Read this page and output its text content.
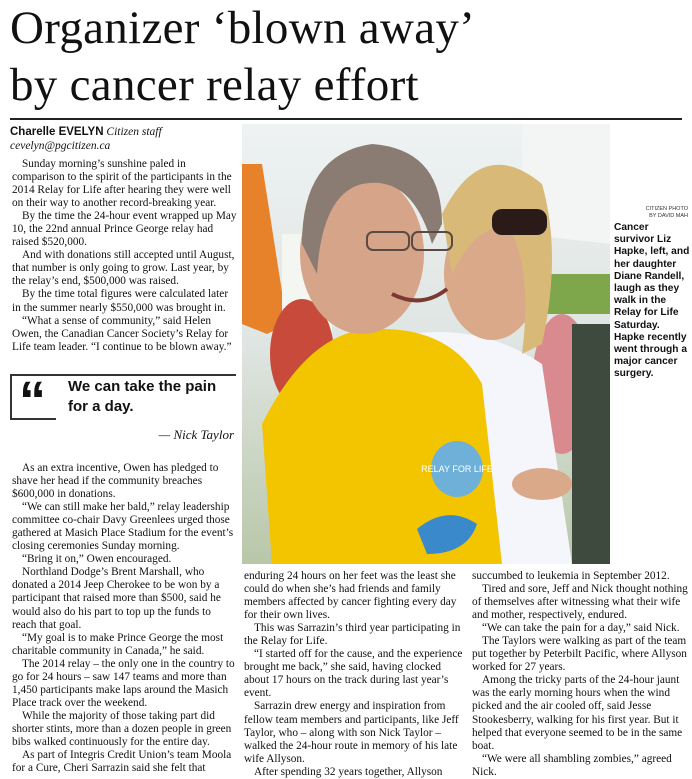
Organizer ‘blown away’
by cancer relay effort
Charelle EVELYN Citizen staff
cevelyn@pgcitizen.ca

Sunday morning’s sunshine paled in comparison to the spirit of the participants in the 2014 Relay for Life after hearing they were well on their way to another record-breaking year.

By the time the 24-hour event wrapped up May 10, the 22nd annual Prince George relay had raised $520,000.

And with donations still accepted until August, that number is only going to grow. Last year, by the relay’s end, $500,000 was raised.

By the time total figures were calculated later in the summer nearly $550,000 was brought in.

“What a sense of community,” said Helen Owen, the Canadian Cancer Society’s Relay for Life team leader. “I continue to be blown away.”

“ We can take the pain for a day.
— Nick Taylor

As an extra incentive, Owen has pledged to shave her head if the community breaches $600,000 in donations.

“We can still make her bald,” relay leadership committee co-chair Davy Greenlees urged those gathered at Masich Place Stadium for the event’s closing ceremonies Sunday morning.

“Bring it on,” Owen encouraged.

Northland Dodge’s Brent Marshall, who donated a 2014 Jeep Cherokee to be won by a participant that raised more than $500, said he would also do his part to top up the funds to reach that goal.

“My goal is to make Prince George the most charitable community in Canada,” he said.

The 2014 relay – the only one in the country to go for 24 hours – saw 147 teams and more than 1,450 participants make laps around the Masich Place track over the weekend.

While the majority of those taking part did shorter stints, more than a dozen people in green bibs walked continuously for the entire day.

As part of Integris Credit Union’s team Moola for a Cure, Cheri Sarrazin said she felt that

RELAY FOR LIFE
CITIZEN PHOTO
BY DAVID MAH
Cancer survivor Liz Hapke, left, and her daughter Diane Randell, laugh as they walk in the Relay for Life Saturday. Hapke recently went through a major cancer surgery.

enduring 24 hours on her feet was the least she could do when she’s had friends and family members affected by cancer fighting every day for their own lives.

This was Sarrazin’s third year participating in the Relay for Life.

“I started off for the cause, and the experience brought me back,” she said, having clocked about 17 hours on the track during last year’s event.

Sarrazin drew energy and inspiration from fellow team members and participants, like Jeff Taylor, who – along with son Nick Taylor – walked the 24-hour route in memory of his late wife Allyson.

After spending 32 years together, Allyson

succumbed to leukemia in September 2012.

Tired and sore, Jeff and Nick thought nothing of themselves after witnessing what their wife and mother, respectively, endured.

“We can take the pain for a day,” said Nick.

The Taylors were walking as part of the team put together by Peterbilt Pacific, where Allyson worked for 27 years.

Among the tricky parts of the 24-hour jaunt was the early morning hours when the wind picked and the air cooled off, said Jesse Stookesberry, walking for his first year. But it helped that everyone seemed to be in the same boat.

“We were all shambling zombies,” agreed Nick.
